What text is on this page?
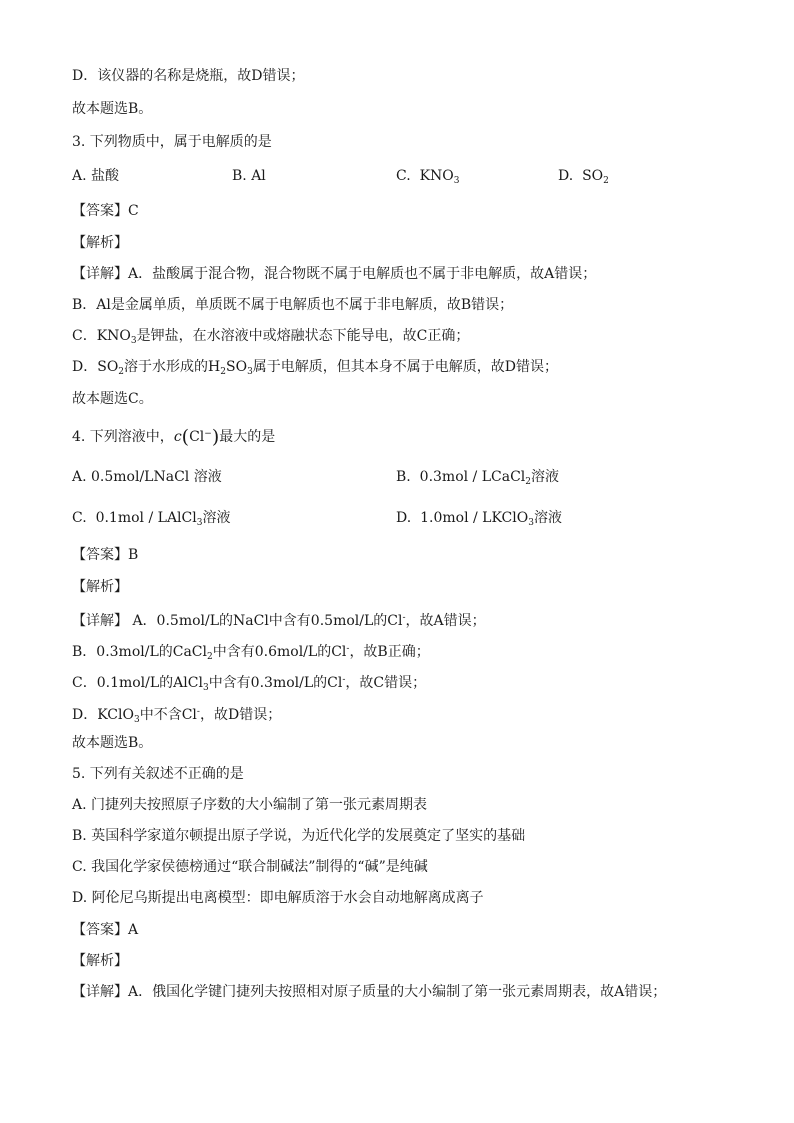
D．该仪器的名称是烧瓶，故D错误；
故本题选B。
3. 下列物质中，属于电解质的是
A. 盐酸	B. Al	C. $KNO_3$	D. $SO_2$
【答案】C
【解析】
【详解】A．盐酸属于混合物，混合物既不属于电解质也不属于非电解质，故A错误；
B．Al是金属单质，单质既不属于电解质也不属于非电解质，故B错误；
C．$KNO_3$是钾盐，在水溶液中或熔融状态下能导电，故C正确；
D．$SO_2$溶于水形成的$H_2SO_3$属于电解质，但其本身不属于电解质，故D错误；
故本题选C。
4. 下列溶液中，c(Cl−)最大的是
A. 0.5mol/LNaCl 溶液	B. 0.3mol / LCaCl$_2$溶液
C. 0.1mol / LAlCl$_3$溶液	D. 1.0mol / LKClO$_3$溶液
【答案】B
【解析】
【详解】 A．0.5mol/L的NaCl中含有0.5mol/L的Cl-，故A错误；
B．0.3mol/L的CaCl$_2$中含有0.6mol/L的Cl-，故B正确；
C．0.1mol/L的AlCl$_3$中含有0.3mol/L的Cl-，故C错误；
D．KClO$_3$中不含Cl-，故D错误；
故本题选B。
5. 下列有关叙述不正确的是
A. 门捷列夫按照原子序数的大小编制了第一张元素周期表
B. 英国科学家道尔顿提出原子学说，为近代化学的发展奠定了坚实的基础
C. 我国化学家侯德榜通过“联合制碱法”制得的“碱”是纯碱
D. 阿伦尼乌斯提出电离模型：即电解质溶于水会自动地解离成离子
【答案】A
【解析】
【详解】A．俄国化学键门捷列夫按照相对原子质量的大小编制了第一张元素周期表，故A错误；
